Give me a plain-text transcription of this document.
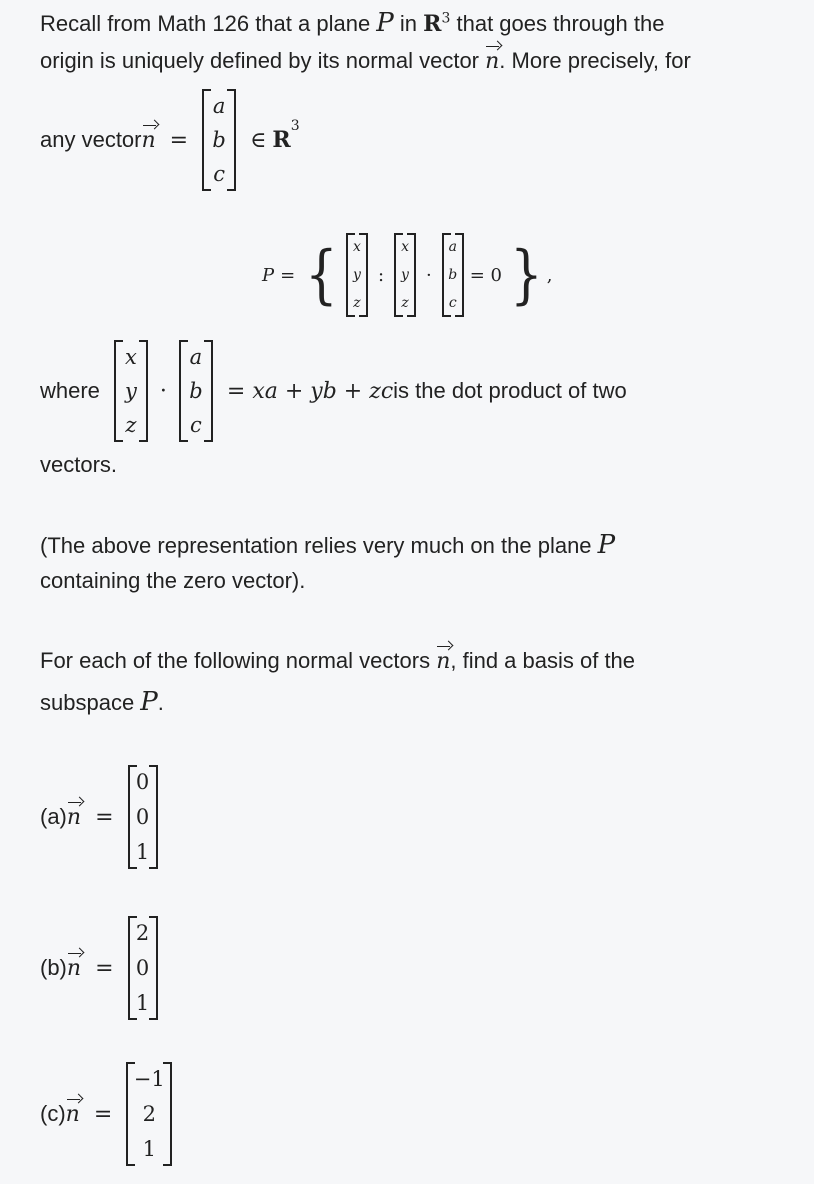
Recall from Math 126 that a plane P in $R^3$ that goes through the
origin is uniquely defined by its normal vector n. More precisely, for
any vector n =
a
b
c
∈ R
$^3$
P = { x
y
z
:
x
y
z
·
a
b
c
= 0 } ,
where
x
y
z
·
a
b
c
= xa + yb + zc is the dot product of two
vectors.
(The above representation relies very much on the plane P
containing the zero vector).
For each of the following normal vectors n, find a basis of the
subspace P.
(a) n =
0
0
1
(b) n =
2
0
1
(c) n =
−1
2
1
